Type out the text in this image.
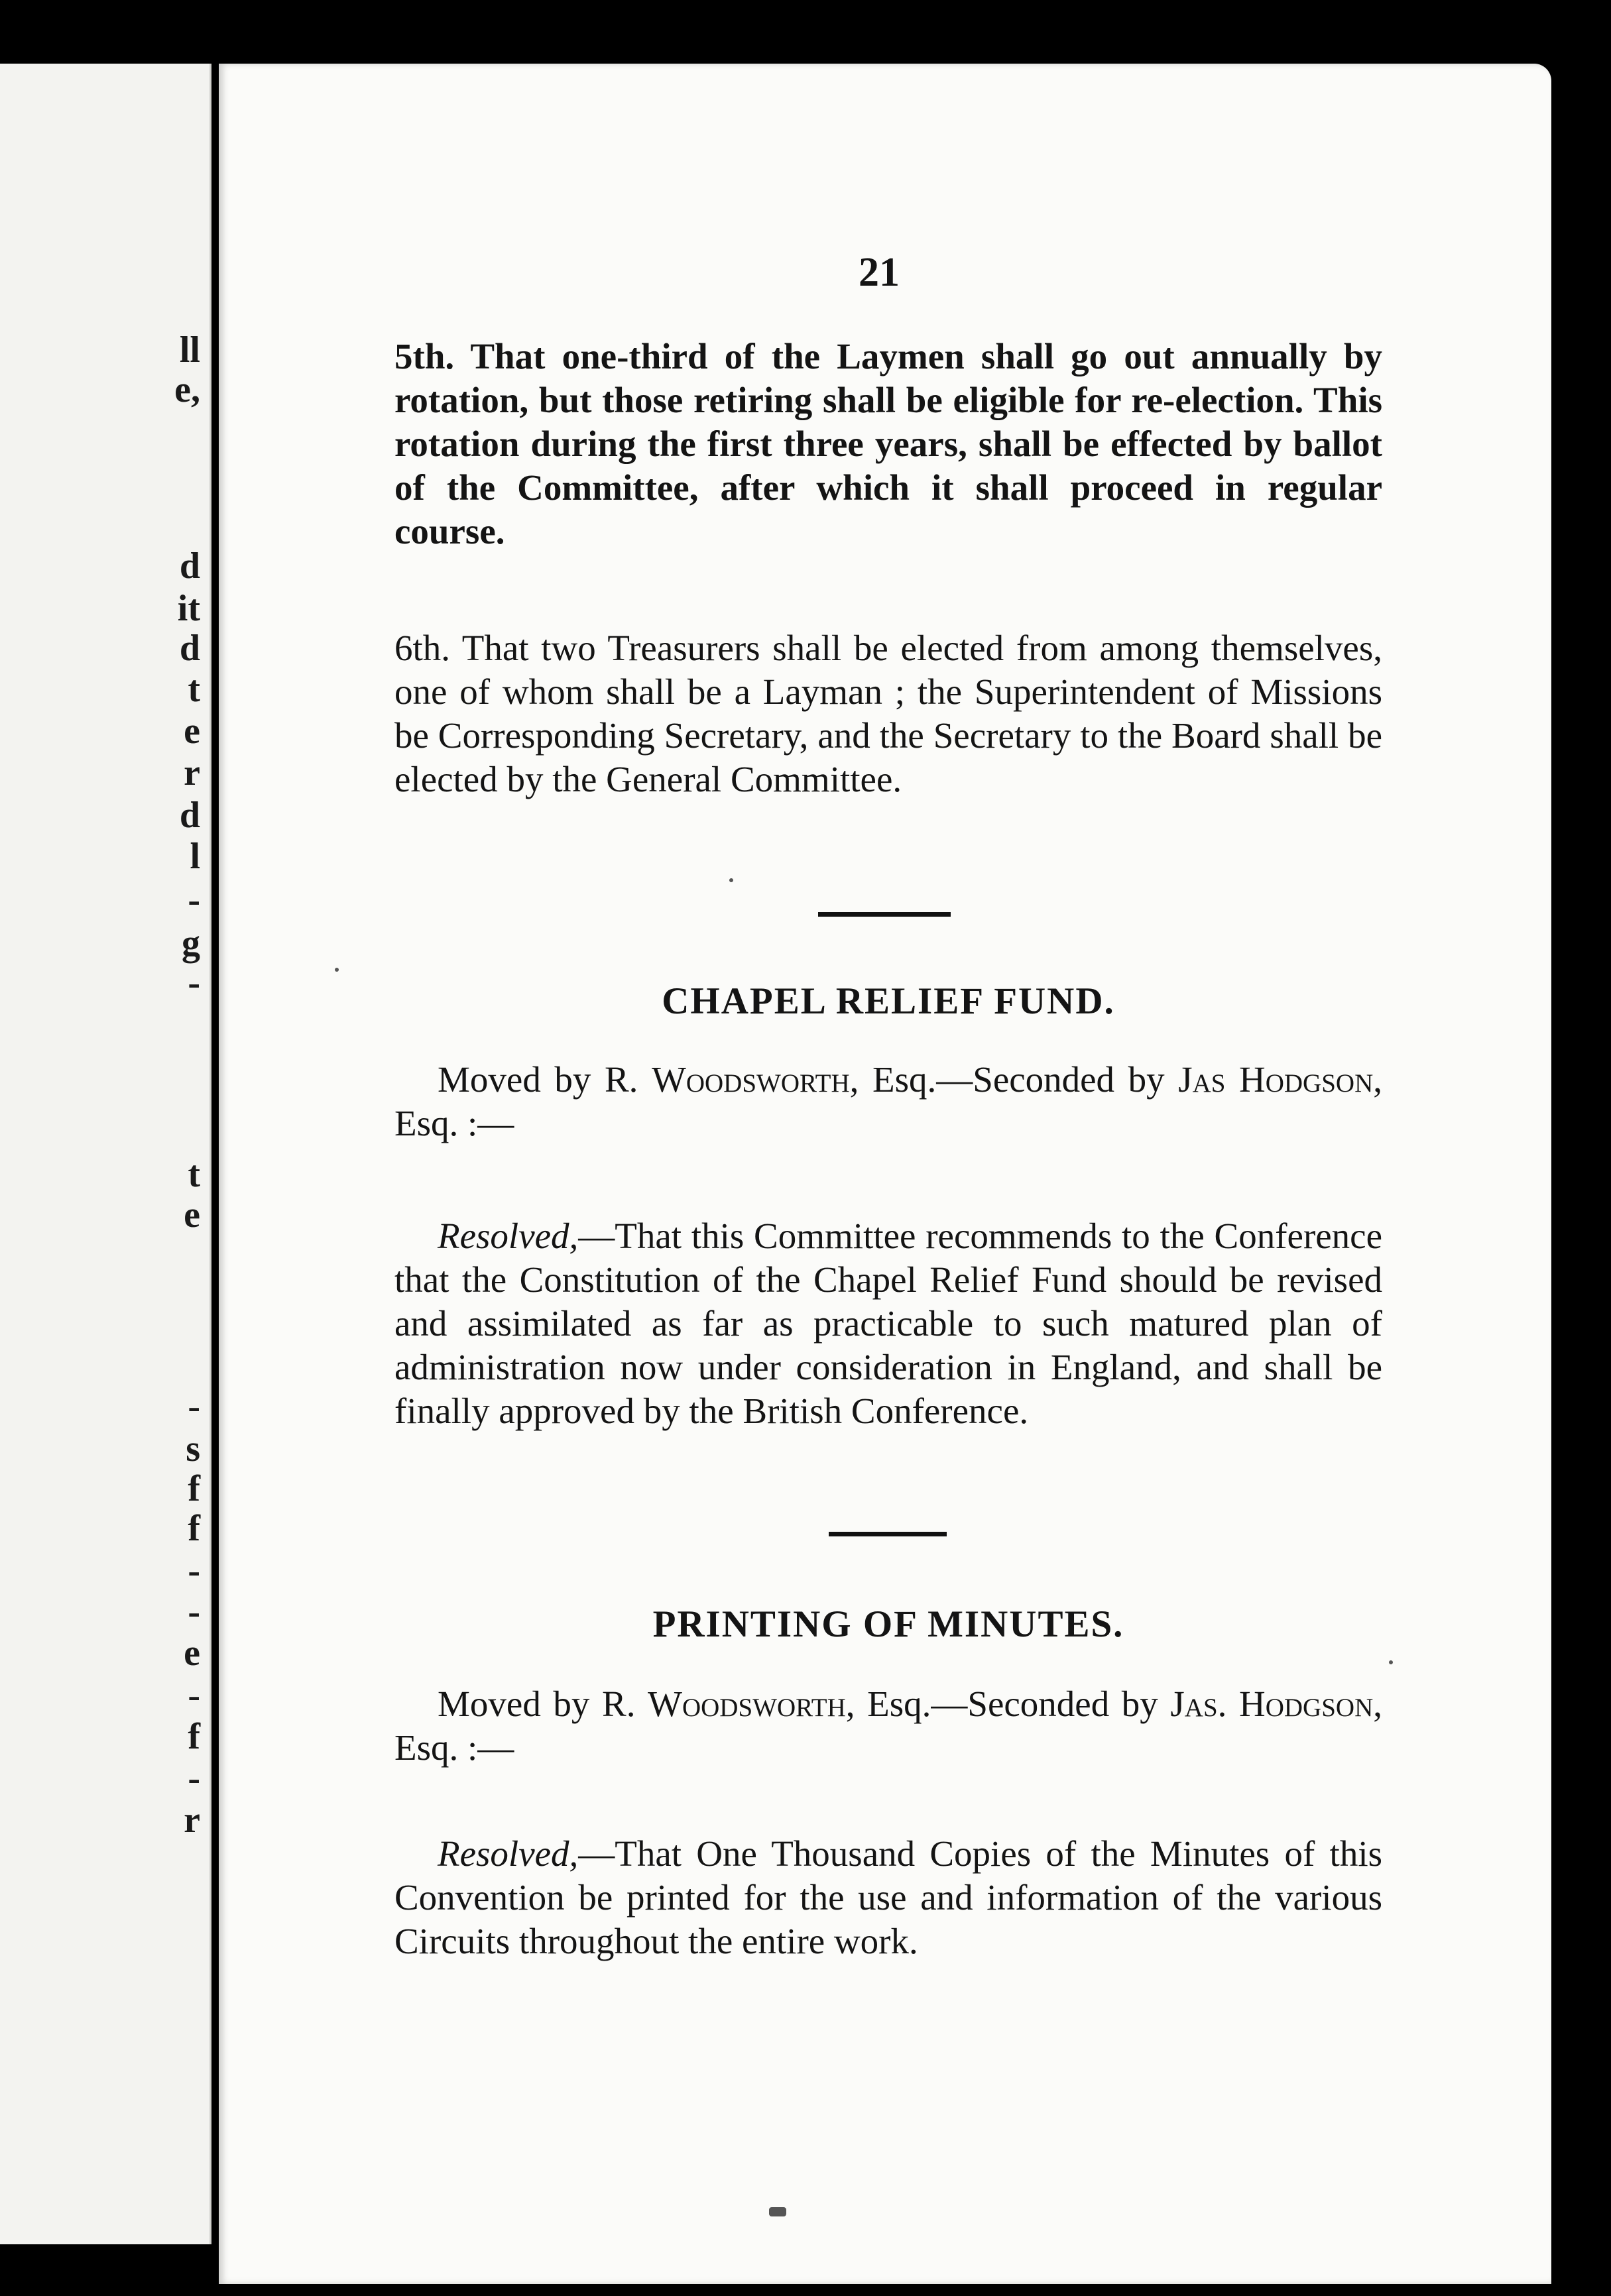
ll
e,
d
it
d
t
e
r
d
l
-
g
-
t
e
-
s
f
f
-
-
e
-
f
-
r
21

5th. That one-third of the Laymen shall go out annually by rotation, but those retiring shall be eligible for re-election. This rotation during the first three years, shall be effected by ballot of the Committee, after which it shall proceed in regular course.

6th. That two Treasurers shall be elected from among themselves, one of whom shall be a Layman ; the Superintendent of Missions be Corresponding Secretary, and the Secretary to the Board shall be elected by the General Committee.

CHAPEL RELIEF FUND.

Moved by R. Woodsworth, Esq.—Seconded by Jas Hodgson, Esq. :—

Resolved,—That this Committee recommends to the Conference that the Constitution of the Chapel Relief Fund should be revised and assimilated as far as practicable to such matured plan of administration now under consideration in England, and shall be finally approved by the British Conference.

PRINTING OF MINUTES.

Moved by R. Woodsworth, Esq.—Seconded by Jas. Hodgson, Esq. :—

Resolved,—That One Thousand Copies of the Minutes of this Convention be printed for the use and information of the various Circuits throughout the entire work.
